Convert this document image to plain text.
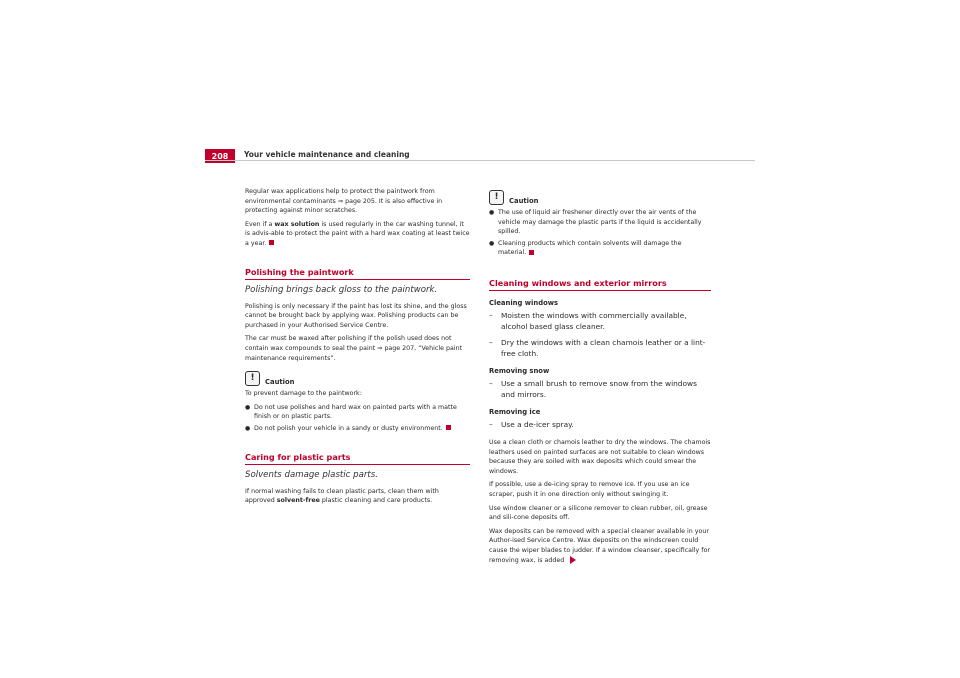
208	Your vehicle maintenance and cleaning

Regular wax applications help to protect the paintwork from environmental contaminants ⇒ page 205. It is also effective in protecting against minor scratches.

Even if a wax solution is used regularly in the car washing tunnel, it is advis-able to protect the paint with a hard wax coating at least twice a year.

Polishing the paintwork
Polishing brings back gloss to the paintwork.

Polishing is only necessary if the paint has lost its shine, and the gloss cannot be brought back by applying wax. Polishing products can be purchased in your Authorised Service Centre.

The car must be waxed after polishing if the polish used does not contain wax compounds to seal the paint ⇒ page 207, “Vehicle paint maintenance requirements”.

!	Caution

To prevent damage to the paintwork:

● Do not use polishes and hard wax on painted parts with a matte finish or on plastic parts.
● Do not polish your vehicle in a sandy or dusty environment.
Caring for plastic parts
Solvents damage plastic parts.

If normal washing fails to clean plastic parts, clean them with approved solvent-free plastic cleaning and care products.

!	Caution
● The use of liquid air freshener directly over the air vents of the vehicle may damage the plastic parts if the liquid is accidentally spilled.
● Cleaning products which contain solvents will damage the material.
Cleaning windows and exterior mirrors
Cleaning windows
–	Moisten the windows with commercially available, alcohol based glass cleaner.
–	Dry the windows with a clean chamois leather or a lint-free cloth.
Removing snow
–	Use a small brush to remove snow from the windows and mirrors.
Removing ice
–	Use a de-icer spray.

Use a clean cloth or chamois leather to dry the windows. The chamois leathers used on painted surfaces are not suitable to clean windows because they are soiled with wax deposits which could smear the windows.

If possible, use a de-icing spray to remove ice. If you use an ice scraper, push it in one direction only without swinging it.

Use window cleaner or a silicone remover to clean rubber, oil, grease and sili-cone deposits off.

Wax deposits can be removed with a special cleaner available in your Author-ised Service Centre. Wax deposits on the windscreen could cause the wiper blades to judder. If a window cleanser, specifically for removing wax, is added
